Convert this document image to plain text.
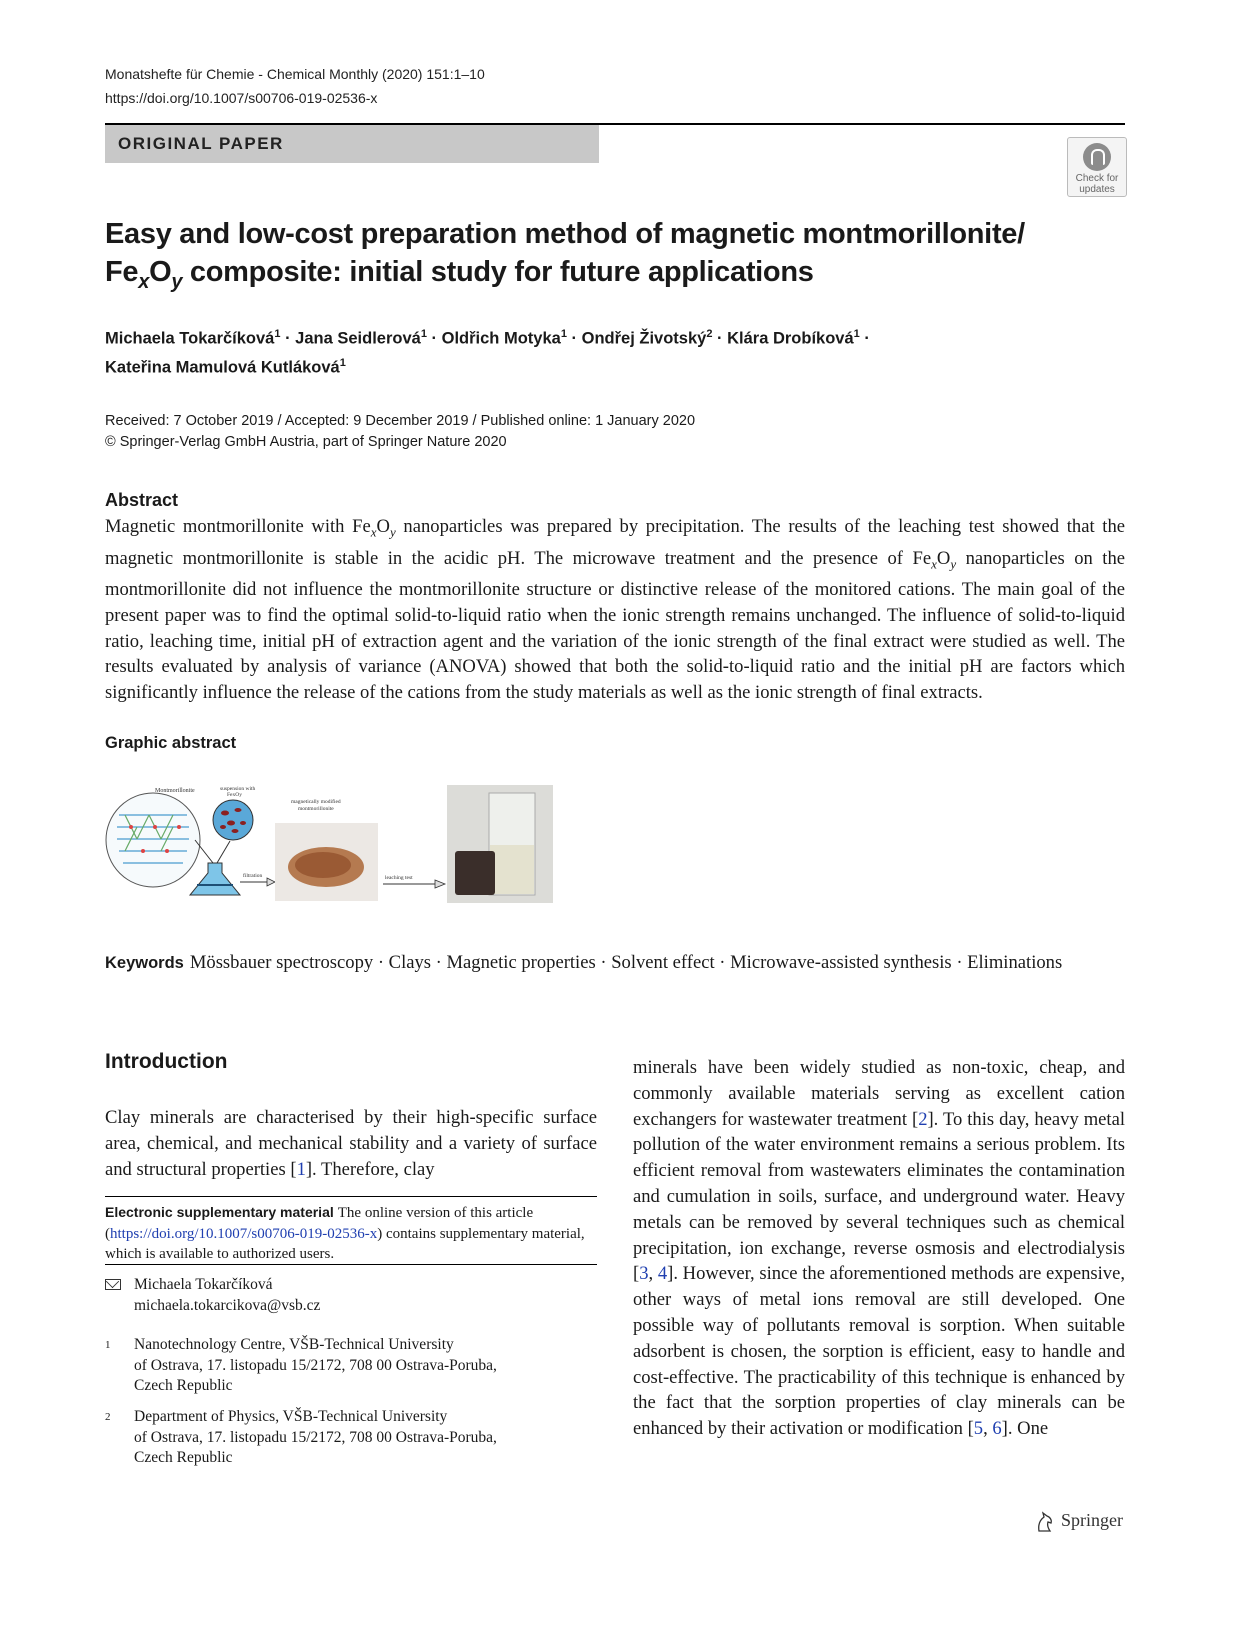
Monatshefte für Chemie - Chemical Monthly (2020) 151:1–10
https://doi.org/10.1007/s00706-019-02536-x
ORIGINAL PAPER
Check for
updates
Easy and low-cost preparation method of magnetic montmorillonite/
$Fe_xO_y$ composite: initial study for future applications
Michaela Tokarčíková$^1$ · Jana Seidlerová$^1$ · Oldřich Motyka$^1$ · Ondřej Životský$^2$ · Klára Drobíková$^1$ ·
Kateřina Mamulová Kutláková$^1$
Received: 7 October 2019 / Accepted: 9 December 2019 / Published online: 1 January 2020
© Springer-Verlag GmbH Austria, part of Springer Nature 2020
Abstract
Magnetic montmorillonite with $Fe_xO_y$ nanoparticles was prepared by precipitation. The results of the leaching test showed that the magnetic montmorillonite is stable in the acidic pH. The microwave treatment and the presence of $Fe_xO_y$ nanoparticles on the montmorillonite did not influence the montmorillonite structure or distinctive release of the monitored cations. The main goal of the present paper was to find the optimal solid-to-liquid ratio when the ionic strength remains unchanged. The influence of solid-to-liquid ratio, leaching time, initial pH of extraction agent and the variation of the ionic strength of the final extract were studied as well. The results evaluated by analysis of variance (ANOVA) showed that both the solid-to-liquid ratio and the initial pH are factors which significantly influence the release of the cations from the study materials as well as the ionic strength of final extracts.
Graphic abstract
Montmorillonite	suspension with
FexOy
filtration
magnetically modified
montmorillonite
leaching test
Keywords Mössbauer spectroscopy · Clays · Magnetic properties · Solvent effect · Microwave-assisted synthesis · Eliminations
Introduction
Clay minerals are characterised by their high-specific surface area, chemical, and mechanical stability and a variety of surface and structural properties [1]. Therefore, clay
Electronic supplementary material The online version of this article (https://doi.org/10.1007/s00706-019-02536-x) contains supplementary material, which is available to authorized users.
Michaela Tokarčíková
michaela.tokarcikova@vsb.cz
1	Nanotechnology Centre, VŠB-Technical University
of Ostrava, 17. listopadu 15/2172, 708 00 Ostrava-Poruba,
Czech Republic
2	Department of Physics, VŠB-Technical University
of Ostrava, 17. listopadu 15/2172, 708 00 Ostrava-Poruba,
Czech Republic
minerals have been widely studied as non-toxic, cheap, and commonly available materials serving as excellent cation exchangers for wastewater treatment [2]. To this day, heavy metal pollution of the water environment remains a serious problem. Its efficient removal from wastewaters eliminates the contamination and cumulation in soils, surface, and underground water. Heavy metals can be removed by several techniques such as chemical precipitation, ion exchange, reverse osmosis and electrodialysis [3, 4]. However, since the aforementioned methods are expensive, other ways of metal ions removal are still developed. One possible way of pollutants removal is sorption. When suitable adsorbent is chosen, the sorption is efficient, easy to handle and cost-effective. The practicability of this technique is enhanced by the fact that the sorption properties of clay minerals can be enhanced by their activation or modification [5, 6]. One
Springer
